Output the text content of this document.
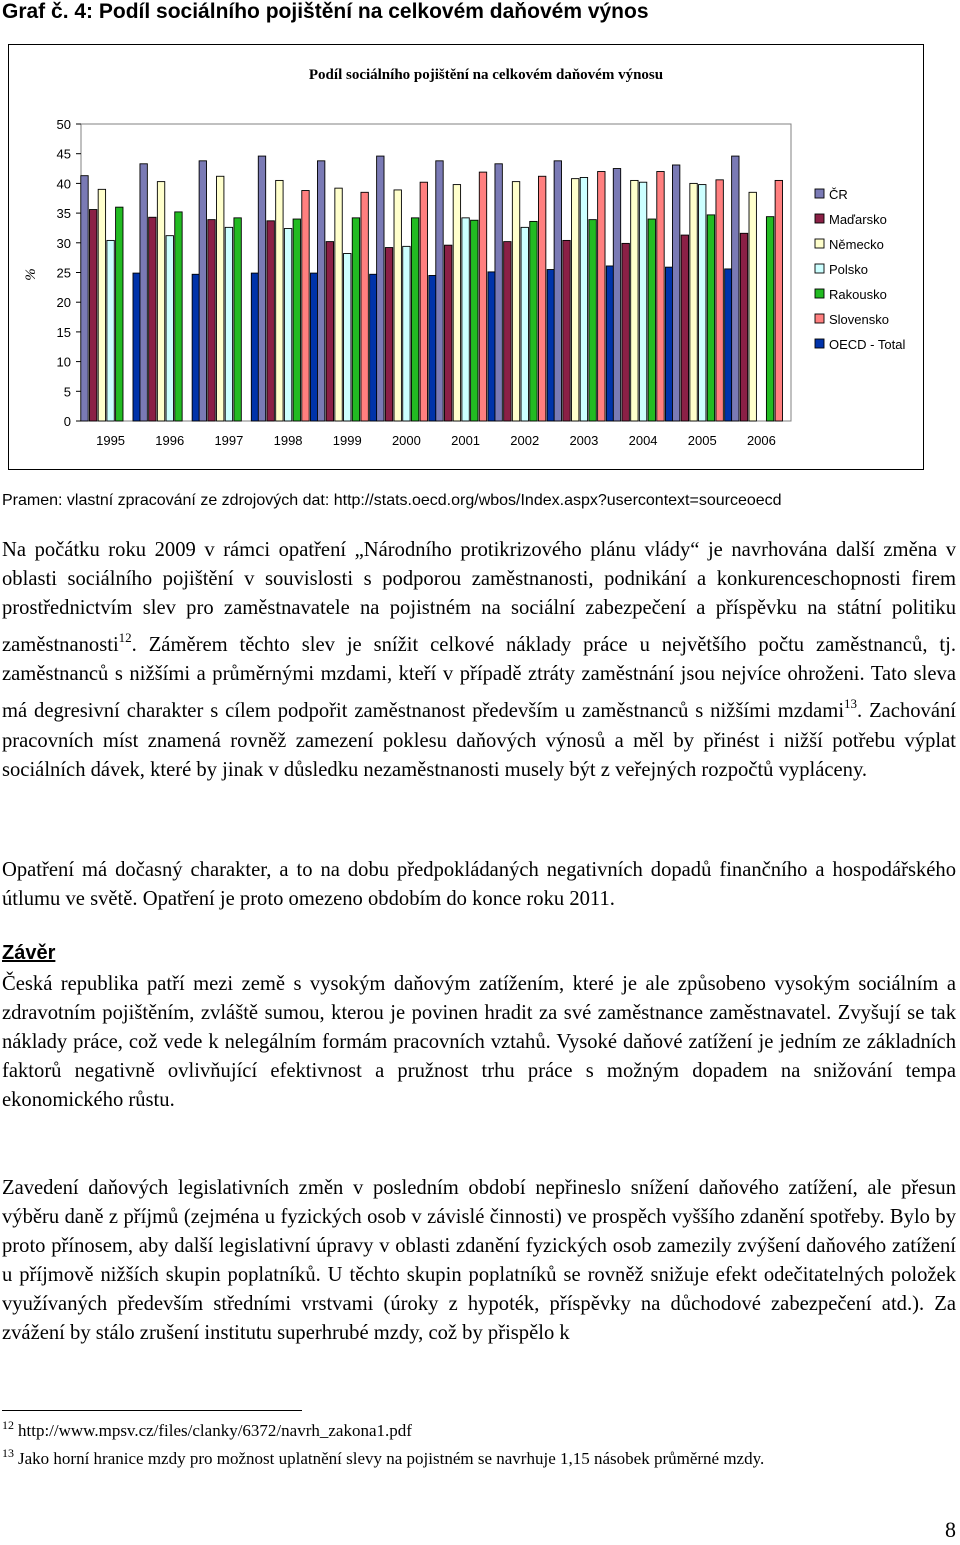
Graf č. 4: Podíl sociálního pojištění na celkovém daňovém výnos
Podíl sociálního pojištění na celkovém daňovém výnosu
0
5
10
15
20
25
30
35
40
45
50
%
1995 1996 1997 1998 1999 2000 2001 2002 2003 2004 2005 2006
ČR
Maďarsko
Německo
Polsko
Rakousko
Slovensko
OECD - Total
Pramen: vlastní zpracování ze zdrojových dat: http://stats.oecd.org/wbos/Index.aspx?usercontext=sourceoecd

Na počátku roku 2009 v rámci opatření „Národního protikrizového plánu vlády“ je navrhována další změna v oblasti sociálního pojištění v souvislosti s podporou zaměstnanosti, podnikání a konkurenceschopnosti firem prostřednictvím slev pro zaměstnavatele na pojistném na sociální zabezpečení a příspěvku na státní politiku zaměstnanosti$^{12}$. Záměrem těchto slev je snížit celkové náklady práce u největšího počtu zaměstnanců, tj. zaměstnanců s nižšími a průměrnými mzdami, kteří v případě ztráty zaměstnání jsou nejvíce ohroženi. Tato sleva má degresivní charakter s cílem podpořit zaměstnanost především u zaměstnanců s nižšími mzdami$^{13}$. Zachování pracovních míst znamená rovněž zamezení poklesu daňových výnosů a měl by přinést i nižší potřebu výplat sociálních dávek, které by jinak v důsledku nezaměstnanosti musely být z veřejných rozpočtů vypláceny.

Opatření má dočasný charakter, a to na dobu předpokládaných negativních dopadů finančního a hospodářského útlumu ve světě. Opatření je proto omezeno obdobím do konce roku 2011.

Závěr

Česká republika patří mezi země s vysokým daňovým zatížením, které je ale způsobeno vysokým sociálním a zdravotním pojištěním, zvláště sumou, kterou je povinen hradit za své zaměstnance zaměstnavatel. Zvyšují se tak náklady práce, což vede k nelegálním formám pracovních vztahů. Vysoké daňové zatížení je jedním ze základních faktorů negativně ovlivňující efektivnost a pružnost trhu práce s možným dopadem na snižování tempa ekonomického růstu.

Zavedení daňových legislativních změn v posledním období nepřineslo snížení daňového zatížení, ale přesun výběru daně z příjmů (zejména u fyzických osob v závislé činnosti) ve prospěch vyššího zdanění spotřeby. Bylo by proto přínosem, aby další legislativní úpravy v oblasti zdanění fyzických osob zamezily zvýšení daňového zatížení u příjmově nižších skupin poplatníků. U těchto skupin poplatníků se rovněž snižuje efekt odečitatelných položek využívaných především středními vrstvami (úroky z hypoték, příspěvky na důchodové zabezpečení atd.). Za zvážení by stálo zrušení institutu superhrubé mzdy, což by přispělo k

$^{12}$ http://www.mpsv.cz/files/clanky/6372/navrh_zakona1.pdf
$^{13}$ Jako horní hranice mzdy pro možnost uplatnění slevy na pojistném se navrhuje 1,15 násobek průměrné mzdy.
8
